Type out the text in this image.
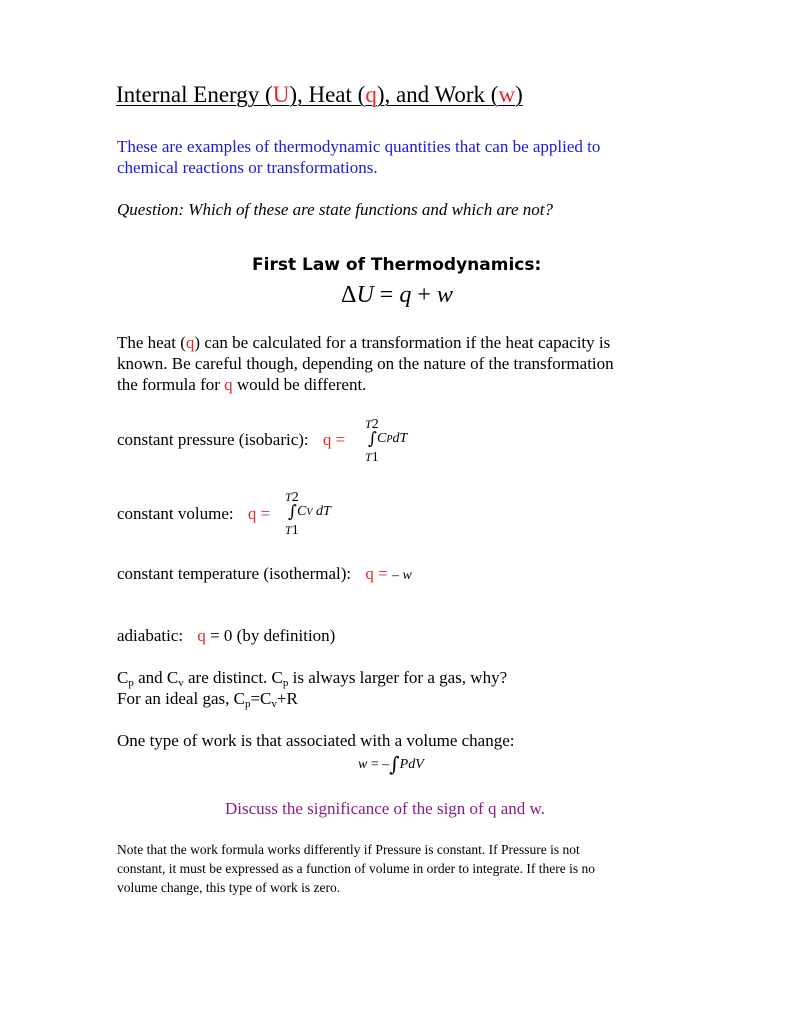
Internal Energy (U), Heat (q), and Work (w)
These are examples of thermodynamic quantities that can be applied to
chemical reactions or transformations.
Question: Which of these are state functions and which are not?
First Law of Thermodynamics:
ΔU = q + w
The heat (q) can be calculated for a transformation if the heat capacity is
known. Be careful though, depending on the nature of the transformation
the formula for q would be different.
constant pressure (isobaric): q =
T2
∫ CPdT
T1
constant volume: q =
T2
∫ CV dT
T1
constant temperature (isothermal): q = – w
adiabatic: q = 0 (by definition)
$C_p$ and $C_v$ are distinct. $C_p$ is always larger for a gas, why?
For an ideal gas, $C_p=C_v+R$
One type of work is that associated with a volume change:
w = –∫PdV
Discuss the significance of the sign of q and w.
Note that the work formula works differently if Pressure is constant. If Pressure is not
constant, it must be expressed as a function of volume in order to integrate. If there is no
volume change, this type of work is zero.
